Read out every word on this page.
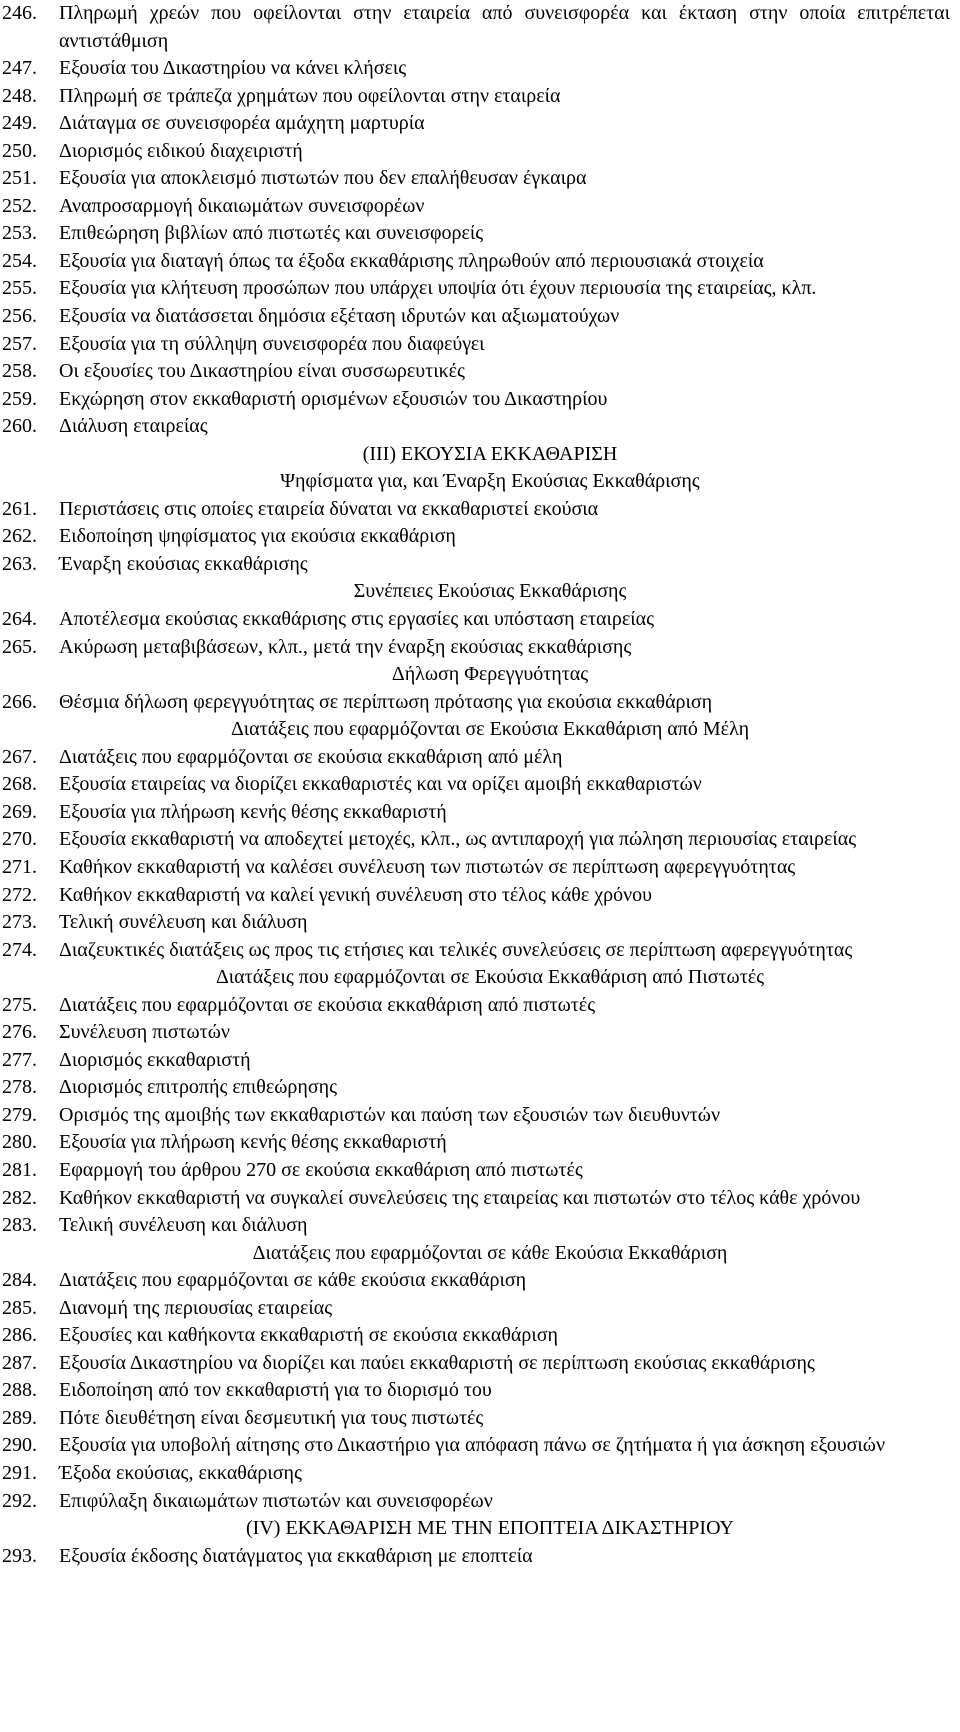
246.	Πληρωμή χρεών που οφείλονται στην εταιρεία από συνεισφορέα και έκταση στην οποία επιτρέπεται αντιστάθμιση
247.	Εξουσία του Δικαστηρίου να κάνει κλήσεις
248.	Πληρωμή σε τράπεζα χρημάτων που οφείλονται στην εταιρεία
249.	Διάταγμα σε συνεισφορέα αμάχητη μαρτυρία
250.	Διορισμός ειδικού διαχειριστή
251.	Εξουσία για αποκλεισμό πιστωτών που δεν επαλήθευσαν έγκαιρα
252.	Αναπροσαρμογή δικαιωμάτων συνεισφορέων
253.	Επιθεώρηση βιβλίων από πιστωτές και συνεισφορείς
254.	Εξουσία για διαταγή όπως τα έξοδα εκκαθάρισης πληρωθούν από περιουσιακά στοιχεία
255.	Εξουσία για κλήτευση προσώπων που υπάρχει υποψία ότι έχουν περιουσία της εταιρείας, κλπ.
256.	Εξουσία να διατάσσεται δημόσια εξέταση ιδρυτών και αξιωματούχων
257.	Εξουσία για τη σύλληψη συνεισφορέα που διαφεύγει
258.	Οι εξουσίες του Δικαστηρίου είναι συσσωρευτικές
259.	Εκχώρηση στον εκκαθαριστή ορισμένων εξουσιών του Δικαστηρίου
260.	Διάλυση εταιρείας
(III) ΕΚΟΥΣΙΑ ΕΚΚΑΘΑΡΙΣΗ
Ψηφίσματα για, και Έναρξη Εκούσιας Εκκαθάρισης
261.	Περιστάσεις στις οποίες εταιρεία δύναται να εκκαθαριστεί εκούσια
262.	Ειδοποίηση ψηφίσματος για εκούσια εκκαθάριση
263.	Έναρξη εκούσιας εκκαθάρισης
Συνέπειες Εκούσιας Εκκαθάρισης
264.	Αποτέλεσμα εκούσιας εκκαθάρισης στις εργασίες και υπόσταση εταιρείας
265.	Ακύρωση μεταβιβάσεων, κλπ., μετά την έναρξη εκούσιας εκκαθάρισης
Δήλωση Φερεγγυότητας
266.	Θέσμια δήλωση φερεγγυότητας σε περίπτωση πρότασης για εκούσια εκκαθάριση
Διατάξεις που εφαρμόζονται σε Εκούσια Εκκαθάριση από Μέλη
267.	Διατάξεις που εφαρμόζονται σε εκούσια εκκαθάριση από μέλη
268.	Εξουσία εταιρείας να διορίζει εκκαθαριστές και να ορίζει αμοιβή εκκαθαριστών
269.	Εξουσία για πλήρωση κενής θέσης εκκαθαριστή
270.	Εξουσία εκκαθαριστή να αποδεχτεί μετοχές, κλπ., ως αντιπαροχή για πώληση περιουσίας εταιρείας
271.	Καθήκον εκκαθαριστή να καλέσει συνέλευση των πιστωτών σε περίπτωση αφερεγγυότητας
272.	Καθήκον εκκαθαριστή να καλεί γενική συνέλευση στο τέλος κάθε χρόνου
273.	Τελική συνέλευση και διάλυση
274.	Διαζευκτικές διατάξεις ως προς τις ετήσιες και τελικές συνελεύσεις σε περίπτωση αφερεγγυότητας
Διατάξεις που εφαρμόζονται σε Εκούσια Εκκαθάριση από Πιστωτές
275.	Διατάξεις που εφαρμόζονται σε εκούσια εκκαθάριση από πιστωτές
276.	Συνέλευση πιστωτών
277.	Διορισμός εκκαθαριστή
278.	Διορισμός επιτροπής επιθεώρησης
279.	Ορισμός της αμοιβής των εκκαθαριστών και παύση των εξουσιών των διευθυντών
280.	Εξουσία για πλήρωση κενής θέσης εκκαθαριστή
281.	Εφαρμογή του άρθρου 270 σε εκούσια εκκαθάριση από πιστωτές
282.	Καθήκον εκκαθαριστή να συγκαλεί συνελεύσεις της εταιρείας και πιστωτών στο τέλος κάθε χρόνου
283.	Τελική συνέλευση και διάλυση
Διατάξεις που εφαρμόζονται σε κάθε Εκούσια Εκκαθάριση
284.	Διατάξεις που εφαρμόζονται σε κάθε εκούσια εκκαθάριση
285.	Διανομή της περιουσίας εταιρείας
286.	Εξουσίες και καθήκοντα εκκαθαριστή σε εκούσια εκκαθάριση
287.	Εξουσία Δικαστηρίου να διορίζει και παύει εκκαθαριστή σε περίπτωση εκούσιας εκκαθάρισης
288.	Ειδοποίηση από τον εκκαθαριστή για το διορισμό του
289.	Πότε διευθέτηση είναι δεσμευτική για τους πιστωτές
290.	Εξουσία για υποβολή αίτησης στο Δικαστήριο για απόφαση πάνω σε ζητήματα ή για άσκηση εξουσιών
291.	Έξοδα εκούσιας, εκκαθάρισης
292.	Επιφύλαξη δικαιωμάτων πιστωτών και συνεισφορέων
(IV) ΕΚΚΑΘΑΡΙΣΗ ΜΕ ΤΗΝ ΕΠΟΠΤΕΙΑ ΔΙΚΑΣΤΗΡΙΟΥ
293.	Εξουσία έκδοσης διατάγματος για εκκαθάριση με εποπτεία
